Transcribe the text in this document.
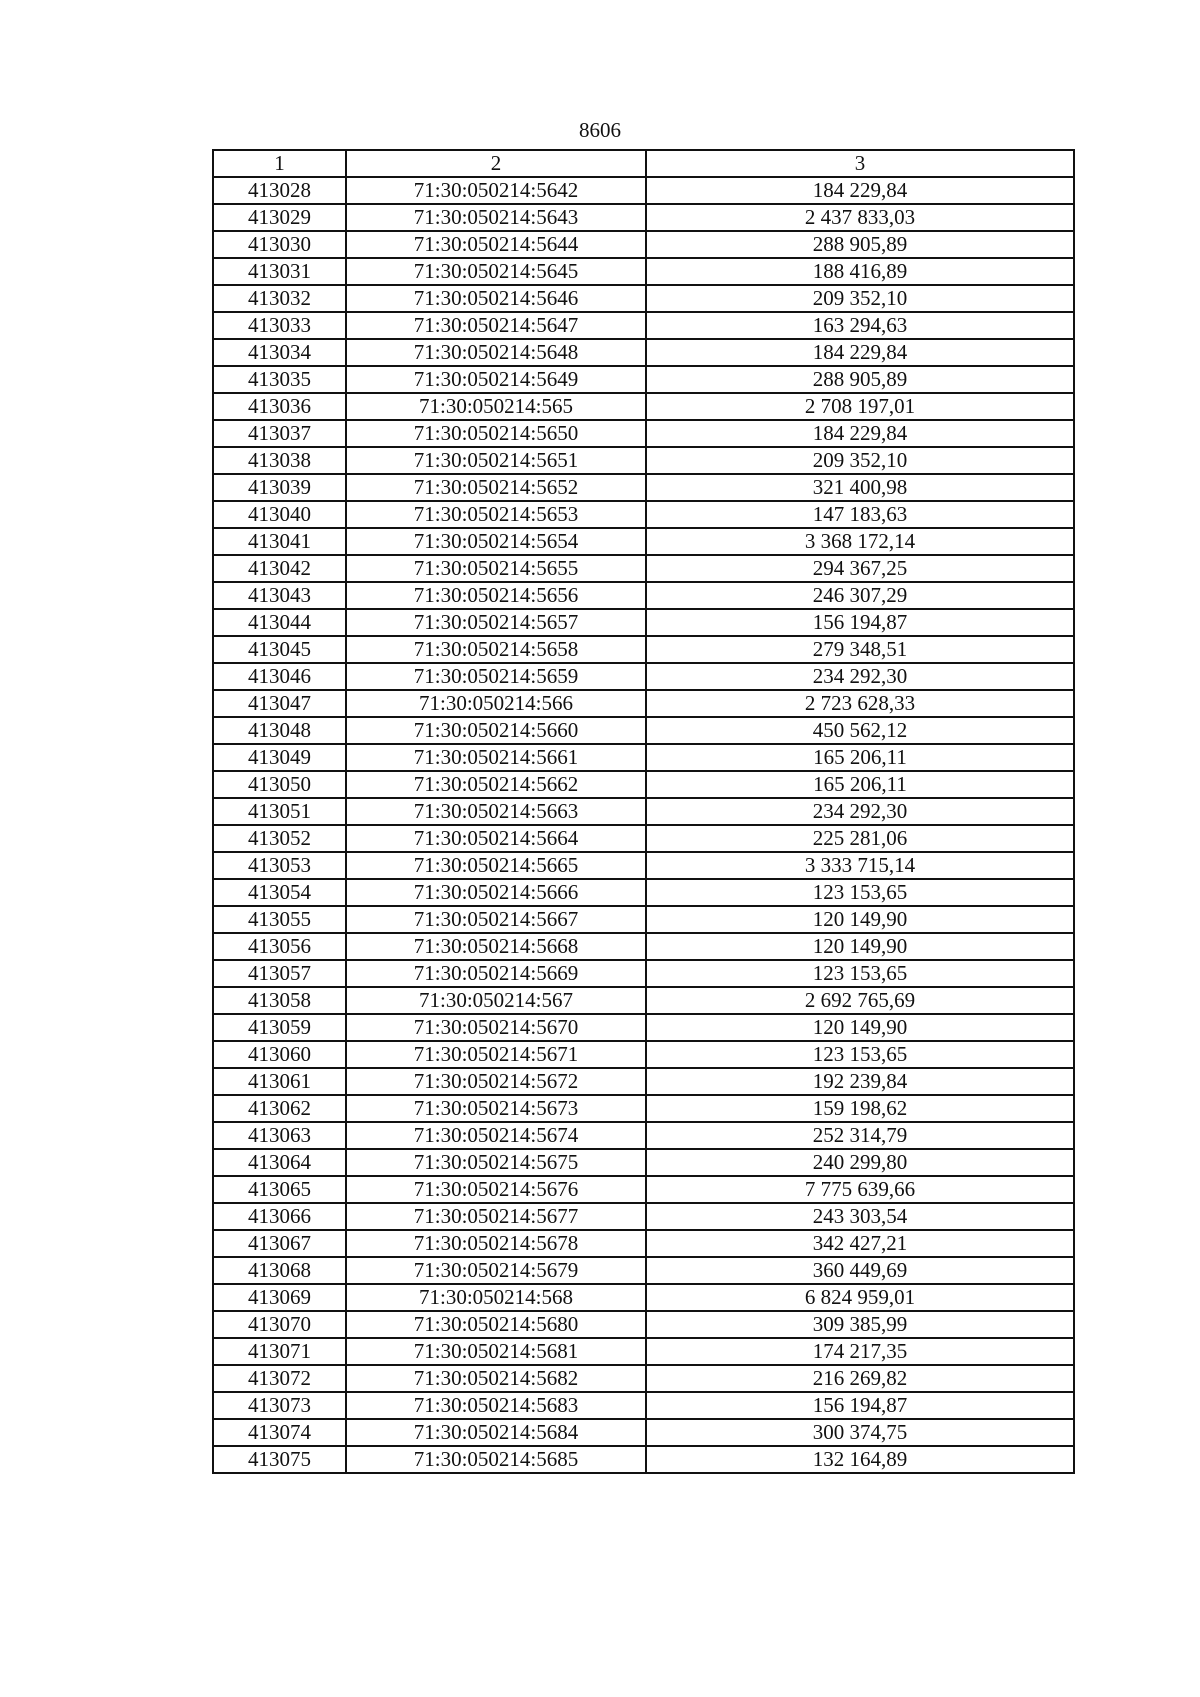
8606
1	2	3
413028	71:30:050214:5642	184 229,84
413029	71:30:050214:5643	2 437 833,03
413030	71:30:050214:5644	288 905,89
413031	71:30:050214:5645	188 416,89
413032	71:30:050214:5646	209 352,10
413033	71:30:050214:5647	163 294,63
413034	71:30:050214:5648	184 229,84
413035	71:30:050214:5649	288 905,89
413036	71:30:050214:565	2 708 197,01
413037	71:30:050214:5650	184 229,84
413038	71:30:050214:5651	209 352,10
413039	71:30:050214:5652	321 400,98
413040	71:30:050214:5653	147 183,63
413041	71:30:050214:5654	3 368 172,14
413042	71:30:050214:5655	294 367,25
413043	71:30:050214:5656	246 307,29
413044	71:30:050214:5657	156 194,87
413045	71:30:050214:5658	279 348,51
413046	71:30:050214:5659	234 292,30
413047	71:30:050214:566	2 723 628,33
413048	71:30:050214:5660	450 562,12
413049	71:30:050214:5661	165 206,11
413050	71:30:050214:5662	165 206,11
413051	71:30:050214:5663	234 292,30
413052	71:30:050214:5664	225 281,06
413053	71:30:050214:5665	3 333 715,14
413054	71:30:050214:5666	123 153,65
413055	71:30:050214:5667	120 149,90
413056	71:30:050214:5668	120 149,90
413057	71:30:050214:5669	123 153,65
413058	71:30:050214:567	2 692 765,69
413059	71:30:050214:5670	120 149,90
413060	71:30:050214:5671	123 153,65
413061	71:30:050214:5672	192 239,84
413062	71:30:050214:5673	159 198,62
413063	71:30:050214:5674	252 314,79
413064	71:30:050214:5675	240 299,80
413065	71:30:050214:5676	7 775 639,66
413066	71:30:050214:5677	243 303,54
413067	71:30:050214:5678	342 427,21
413068	71:30:050214:5679	360 449,69
413069	71:30:050214:568	6 824 959,01
413070	71:30:050214:5680	309 385,99
413071	71:30:050214:5681	174 217,35
413072	71:30:050214:5682	216 269,82
413073	71:30:050214:5683	156 194,87
413074	71:30:050214:5684	300 374,75
413075	71:30:050214:5685	132 164,89
